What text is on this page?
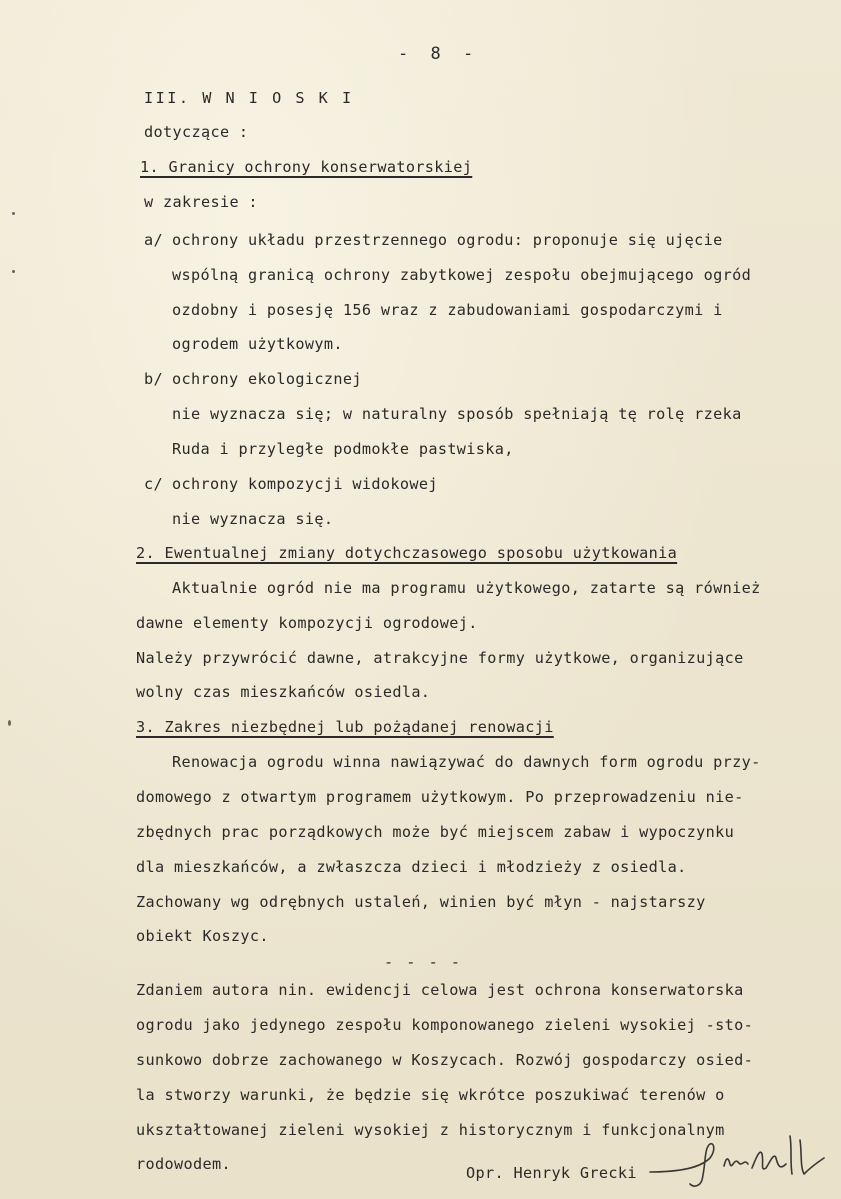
- 8 -
III. W N I O S K I
dotyczące :
1. Granicy ochrony konserwatorskiej
w zakresie :
a/ ochrony układu przestrzennego ogrodu: proponuje się ujęcie
wspólną granicą ochrony zabytkowej zespołu obejmującego ogród
ozdobny i posesję 156 wraz z zabudowaniami gospodarczymi i
ogrodem użytkowym.
b/ ochrony ekologicznej
nie wyznacza się; w naturalny sposób spełniają tę rolę rzeka
Ruda i przyległe podmokłe pastwiska,
c/ ochrony kompozycji widokowej
nie wyznacza się.
2. Ewentualnej zmiany dotychczasowego sposobu użytkowania
Aktualnie ogród nie ma programu użytkowego, zatarte są również
dawne elementy kompozycji ogrodowej.
Należy przywrócić dawne, atrakcyjne formy użytkowe, organizujące
wolny czas mieszkańców osiedla.
3. Zakres niezbędnej lub pożądanej renowacji
Renowacja ogrodu winna nawiązywać do dawnych form ogrodu przy-
domowego z otwartym programem użytkowym. Po przeprowadzeniu nie-
zbędnych prac porządkowych może być miejscem zabaw i wypoczynku
dla mieszkańców, a zwłaszcza dzieci i młodzieży z osiedla.
Zachowany wg odrębnych ustaleń, winien być młyn - najstarszy
obiekt Koszyc.
- - - -
Zdaniem autora nin. ewidencji celowa jest ochrona konserwatorska
ogrodu jako jedynego zespołu komponowanego zieleni wysokiej -sto-
sunkowo dobrze zachowanego w Koszycach. Rozwój gospodarczy osied-
la stworzy warunki, że będzie się wkrótce poszukiwać terenów o
ukształtowanej zieleni wysokiej z historycznym i funkcjonalnym
rodowodem.	Opr. Henryk Grecki
